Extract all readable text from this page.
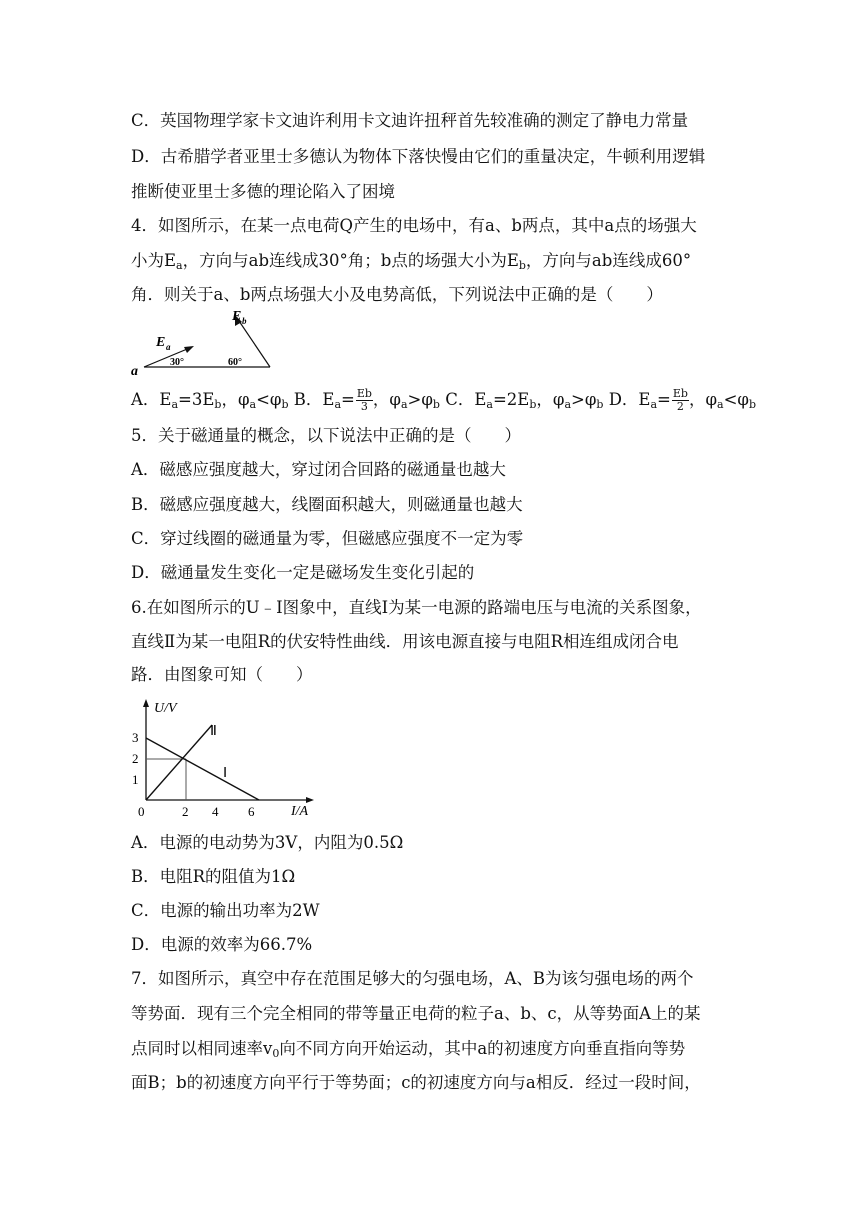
C．英国物理学家卡文迪许利用卡文迪许扭秤首先较准确的测定了静电力常量
D．古希腊学者亚里士多德认为物体下落快慢由它们的重量决定，牛顿利用逻辑
推断使亚里士多德的理论陷入了困境
4．如图所示，在某一点电荷Q产生的电场中，有a、b两点，其中a点的场强大
小为$E_a$，方向与ab连线成30°角；b点的场强大小为$E_b$，方向与ab连线成60°
角．则关于a、b两点场强大小及电势高低，下列说法中正确的是（　　）
E a
E b
a
30°	60°
A．$E_a=3E_b$，$\varphi_a<\varphi_b$ B．$E_a= \frac{Eb}{3}$ ，$\varphi_a>\varphi_b$ C．$E_a=2E_b$，$\varphi_a>\varphi_b$ D．$E_a= \frac{Eb}{2}$ ，$\varphi_a<\varphi_b$
5．关于磁通量的概念，以下说法中正确的是（　　）
A．磁感应强度越大，穿过闭合回路的磁通量也越大
B．磁感应强度越大，线圈面积越大，则磁通量也越大
C．穿过线圈的磁通量为零，但磁感应强度不一定为零
D．磁通量发生变化一定是磁场发生变化引起的
6.在如图所示的U﹣I图象中，直线Ⅰ为某一电源的路端电压与电流的关系图象，
直线Ⅱ为某一电阻R的伏安特性曲线．用该电源直接与电阻R相连组成闭合电
路．由图象可知（　　）
U/V
I/A
0
3
2
1
2 4 6
Ⅰ
Ⅱ
A．电源的电动势为3V，内阻为0.5Ω
B．电阻R的阻值为1Ω
C．电源的输出功率为2W
D．电源的效率为66.7%
7．如图所示，真空中存在范围足够大的匀强电场，A、B为该匀强电场的两个
等势面．现有三个完全相同的带等量正电荷的粒子a、b、c，从等势面A上的某
点同时以相同速率$v_0$向不同方向开始运动，其中a的初速度方向垂直指向等势
面B；b的初速度方向平行于等势面；c的初速度方向与a相反．经过一段时间，
